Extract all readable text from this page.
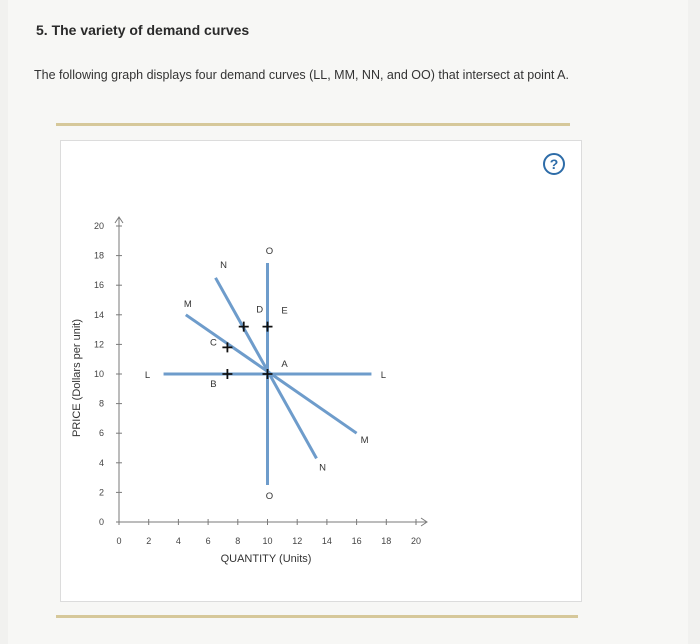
5. The variety of demand curves
The following graph displays four demand curves (LL, MM, NN, and OO) that intersect at point A.
?
PRICE (Dollars per unit)
QUANTITY (Units)
0
2
4
6
8
10
12
14
16
18
20
0	2	4	6	8 10 12 14 16 18 20
L	L
M
M
N
N
O
O
A
B
C
D E
